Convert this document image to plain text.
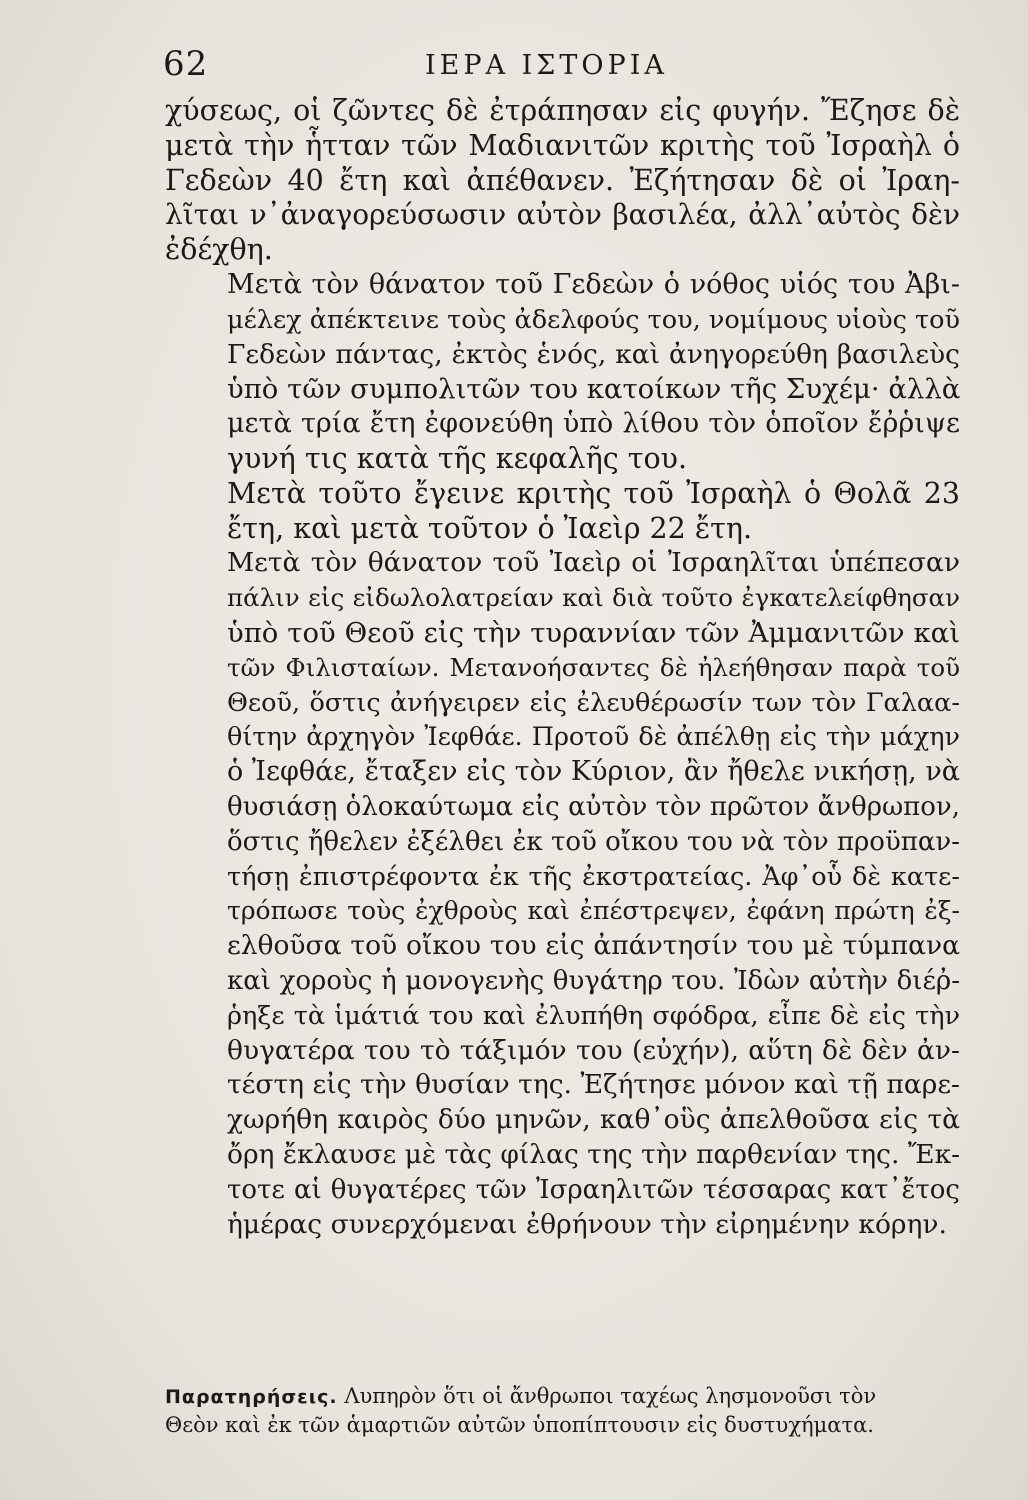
62	ΙΕΡΑ ΙΣΤΟΡΙΑ

χύσεως, οἱ ζῶντες δὲ ἐτράπησαν εἰς φυγήν. Ἔζησε δὲ
μετὰ τὴν ἧτταν τῶν Μαδιανιτῶν κριτὴς τοῦ Ἰσραὴλ ὁ
Γεδεὼν 40 ἔτη καὶ ἀπέθανεν. Ἐζήτησαν δὲ οἱ Ἰραη-
λῖται ν᾽ἀναγορεύσωσιν αὐτὸν βασιλέα, ἀλλ᾽αὐτὸς δὲν
ἐδέχθη.

Μετὰ τὸν θάνατον τοῦ Γεδεὼν ὁ νόθος υἱός του Ἀβι-
μέλεχ ἀπέκτεινε τοὺς ἀδελφούς του, νομίμους υἱοὺς τοῦ
Γεδεὼν πάντας, ἐκτὸς ἑνός, καὶ ἀνηγορεύθη βασιλεὺς
ὑπὸ τῶν συμπολιτῶν του κατοίκων τῆς Συχέμ· ἀλλὰ
μετὰ τρία ἔτη ἐφονεύθη ὑπὸ λίθου τὸν ὁποῖον ἔῤῥιψε
γυνή τις κατὰ τῆς κεφαλῆς του.

Μετὰ τοῦτο ἔγεινε κριτὴς τοῦ Ἰσραὴλ ὁ Θολᾶ 23
ἔτη, καὶ μετὰ τοῦτον ὁ Ἰαεὶρ 22 ἔτη.

Μετὰ τὸν θάνατον τοῦ Ἰαεὶρ οἱ Ἰσραηλῖται ὑπέπεσαν
πάλιν εἰς εἰδωλολατρείαν καὶ διὰ τοῦτο ἐγκατελείφθησαν
ὑπὸ τοῦ Θεοῦ εἰς τὴν τυραννίαν τῶν Ἀμμανιτῶν καὶ
τῶν Φιλισταίων. Μετανοήσαντες δὲ ἠλεήθησαν παρὰ τοῦ
Θεοῦ, ὅστις ἀνήγειρεν εἰς ἐλευθέρωσίν των τὸν Γαλαα-
θίτην ἀρχηγὸν Ἰεφθάε. Προτοῦ δὲ ἀπέλθῃ εἰς τὴν μάχην
ὁ Ἰεφθάε, ἔταξεν εἰς τὸν Κύριον, ἂν ἤθελε νικήσῃ, νὰ
θυσιάσῃ ὁλοκαύτωμα εἰς αὐτὸν τὸν πρῶτον ἄνθρωπον,
ὅστις ἤθελεν ἐξέλθει ἐκ τοῦ οἴκου του νὰ τὸν προϋπαν-
τήσῃ ἐπιστρέφοντα ἐκ τῆς ἐκστρατείας. Ἀφ᾽οὗ δὲ κατε-
τρόπωσε τοὺς ἐχθροὺς καὶ ἐπέστρεψεν, ἐφάνη πρώτη ἐξ-
ελθοῦσα τοῦ οἴκου του εἰς ἀπάντησίν του μὲ τύμπανα
καὶ χοροὺς ἡ μονογενὴς θυγάτηρ του. Ἰδὼν αὐτὴν διέῤ-
ῥηξε τὰ ἱμάτιά του καὶ ἐλυπήθη σφόδρα, εἶπε δὲ εἰς τὴν
θυγατέρα του τὸ τάξιμόν του (εὐχήν), αὕτη δὲ δὲν ἀν-
τέστη εἰς τὴν θυσίαν της. Ἐζήτησε μόνον καὶ τῇ παρε-
χωρήθη καιρὸς δύο μηνῶν, καθ᾽οὓς ἀπελθοῦσα εἰς τὰ
ὄρη ἔκλαυσε μὲ τὰς φίλας της τὴν παρθενίαν της. Ἔκ-
τοτε αἱ θυγατέρες τῶν Ἰσραηλιτῶν τέσσαρας κατ᾽ἔτος
ἡμέρας συνερχόμεναι ἐθρήνουν τὴν εἰρημένην κόρην.

Παρατηρήσεις. Λυπηρὸν ὅτι οἱ ἄνθρωποι ταχέως λησμονοῦσι τὸν
Θεὸν καὶ ἐκ τῶν ἁμαρτιῶν αὐτῶν ὑποπίπτουσιν εἰς δυστυχήματα.
